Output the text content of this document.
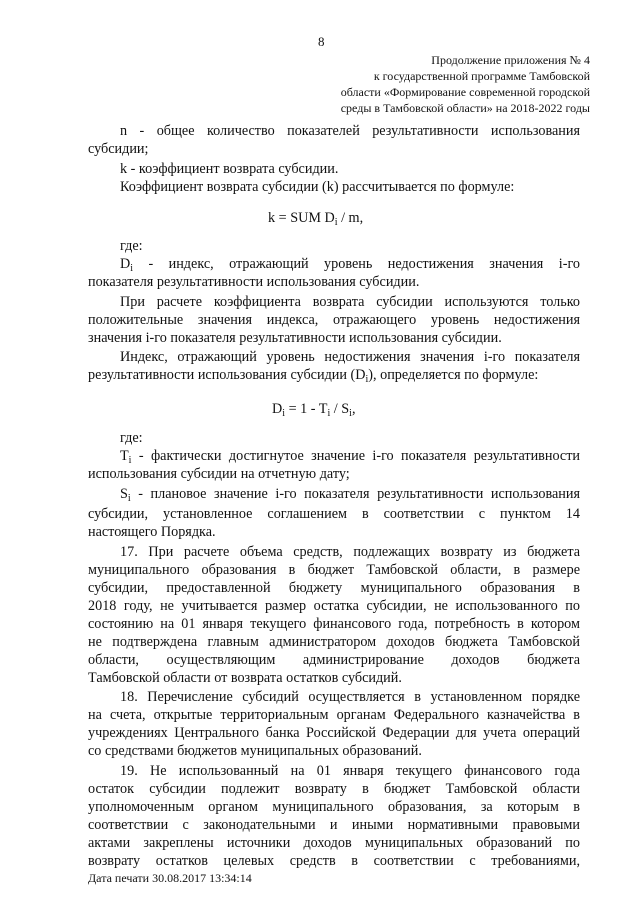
8
Продолжение приложения № 4
к государственной программе Тамбовской
области «Формирование современной городской
среды в Тамбовской области» на 2018-2022 годы
n - общее количество показателей результативности использования
субсидии;
k - коэффициент возврата субсидии.
Коэффициент возврата субсидии (k) рассчитывается по формуле:
k = SUM $D_i$ / m,
где:
$D_i$ - индекс, отражающий уровень недостижения значения i-го
показателя результативности использования субсидии.
При расчете коэффициента возврата субсидии используются только
положительные значения индекса, отражающего уровень недостижения
значения i-го показателя результативности использования субсидии.
Индекс, отражающий уровень недостижения значения i-го показателя
результативности использования субсидии $(D_i)$, определяется по формуле:
$D_i = 1 - T_i / S_i$,
где:
$T_i$ - фактически достигнутое значение i-го показателя результативности
использования субсидии на отчетную дату;
$S_i$ - плановое значение i-го показателя результативности использования
субсидии, установленное соглашением в соответствии с пунктом 14
настоящего Порядка.
17. При расчете объема средств, подлежащих возврату из бюджета
муниципального образования в бюджет Тамбовской области, в размере
субсидии, предоставленной бюджету муниципального образования в
2018 году, не учитывается размер остатка субсидии, не использованного по
состоянию на 01 января текущего финансового года, потребность в котором
не подтверждена главным администратором доходов бюджета Тамбовской
области, осуществляющим администрирование доходов бюджета
Тамбовской области от возврата остатков субсидий.
18. Перечисление субсидий осуществляется в установленном порядке
на счета, открытые территориальным органам Федерального казначейства в
учреждениях Центрального банка Российской Федерации для учета операций
со средствами бюджетов муниципальных образований.
19. Не использованный на 01 января текущего финансового года
остаток субсидии подлежит возврату в бюджет Тамбовской области
уполномоченным органом муниципального образования, за которым в
соответствии с законодательными и иными нормативными правовыми
актами закреплены источники доходов муниципальных образований по
возврату остатков целевых средств в соответствии с требованиями,
Дата печати 30.08.2017 13:34:14
